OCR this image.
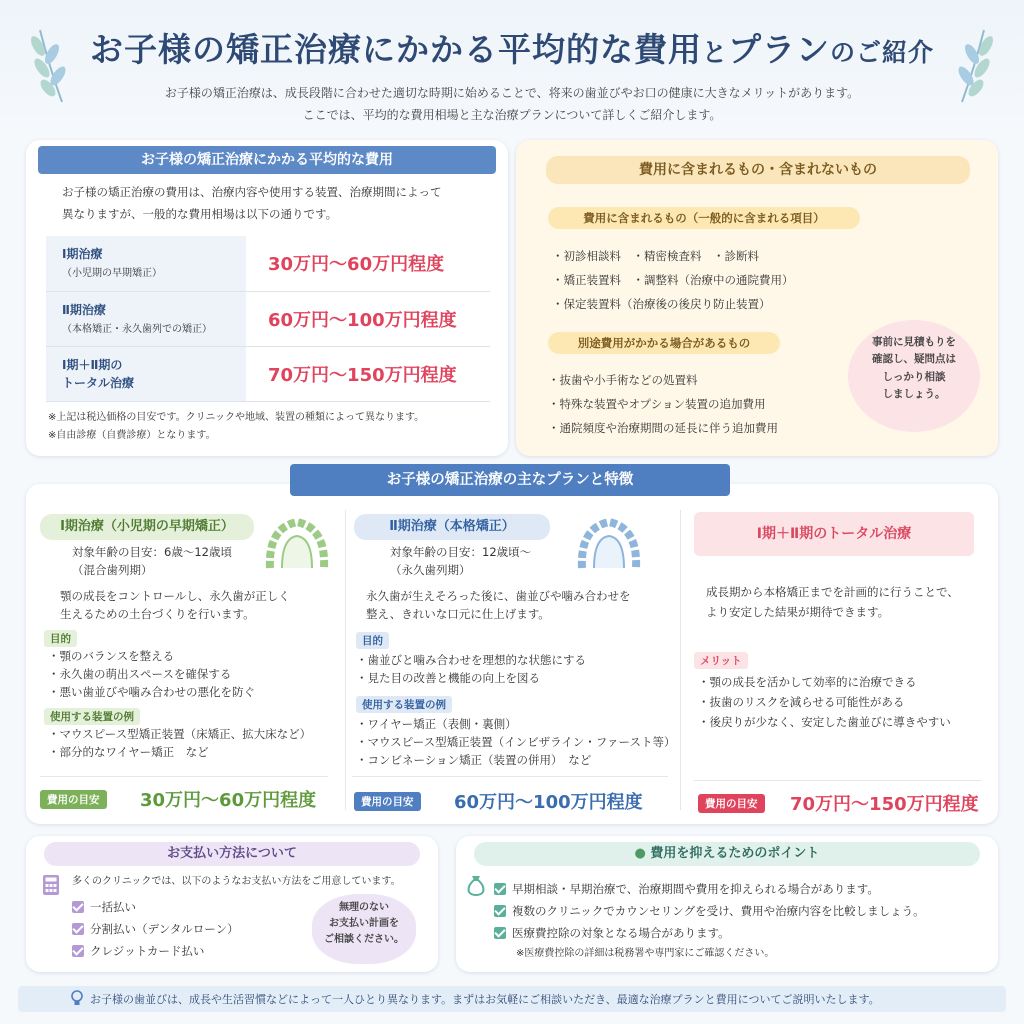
お子様の矯正治療にかかる平均的な費用とプランのご紹介
お子様の矯正治療は、成長段階に合わせた適切な時期に始めることで、将来の歯並びやお口の健康に大きなメリットがあります。
ここでは、平均的な費用相場と主な治療プランについて詳しくご紹介します。
お子様の矯正治療にかかる平均的な費用
お子様の矯正治療の費用は、治療内容や使用する装置、治療期間によって
異なりますが、一般的な費用相場は以下の通りです。
Ⅰ期治療
（小児期の早期矯正）	30万円～60万円程度
Ⅱ期治療
（本格矯正・永久歯列での矯正）	60万円～100万円程度
Ⅰ期＋Ⅱ期の
トータル治療	70万円～150万円程度
※上記は税込価格の目安です。クリニックや地域、装置の種類によって異なります。
※自由診療（自費診療）となります。
費用に含まれるもの・含まれないもの
費用に含まれるもの（一般的に含まれる項目）
・初診相談料　・精密検査料　・診断料
・矯正装置料　・調整料（治療中の通院費用）
・保定装置料（治療後の後戻り防止装置）
別途費用がかかる場合があるもの
・抜歯や小手術などの処置料
・特殊な装置やオプション装置の追加費用
・通院頻度や治療期間の延長に伴う追加費用
事前に見積もりを
確認し、疑問点は
しっかり相談
しましょう。
お子様の矯正治療の主なプランと特徴
Ⅰ期治療（小児期の早期矯正）
対象年齢の目安：6歳～12歳頃
（混合歯列期）
顎の成長をコントロールし、永久歯が正しく
生えるための土台づくりを行います。
目的
・顎のバランスを整える
・永久歯の萌出スペースを確保する
・悪い歯並びや噛み合わせの悪化を防ぐ
使用する装置の例
・マウスピース型矯正装置（床矯正、拡大床など）
・部分的なワイヤー矯正　など
費用の目安	30万円～60万円程度
Ⅱ期治療（本格矯正）
対象年齢の目安：12歳頃～
（永久歯列期）
永久歯が生えそろった後に、歯並びや噛み合わせを
整え、きれいな口元に仕上げます。
目的
・歯並びと噛み合わせを理想的な状態にする
・見た目の改善と機能の向上を図る
使用する装置の例
・ワイヤー矯正（表側・裏側）
・マウスピース型矯正装置（インビザライン・ファースト等）
・コンビネーション矯正（装置の併用）　など
費用の目安	60万円～100万円程度
Ⅰ期＋Ⅱ期のトータル治療
成長期から本格矯正までを計画的に行うことで、
より安定した結果が期待できます。
メリット
・顎の成長を活かして効率的に治療できる
・抜歯のリスクを減らせる可能性がある
・後戻りが少なく、安定した歯並びに導きやすい
費用の目安	70万円～150万円程度
お支払い方法について
多くのクリニックでは、以下のようなお支払い方法をご用意しています。
一括払い
分割払い（デンタルローン）
クレジットカード払い
無理のない
お支払い計画を
ご相談ください。
● 費用を抑えるためのポイント
早期相談・早期治療で、治療期間や費用を抑えられる場合があります。
複数のクリニックでカウンセリングを受け、費用や治療内容を比較しましょう。
医療費控除の対象となる場合があります。
※医療費控除の詳細は税務署や専門家にご確認ください。
お子様の歯並びは、成長や生活習慣などによって一人ひとり異なります。まずはお気軽にご相談いただき、最適な治療プランと費用についてご説明いたします。
